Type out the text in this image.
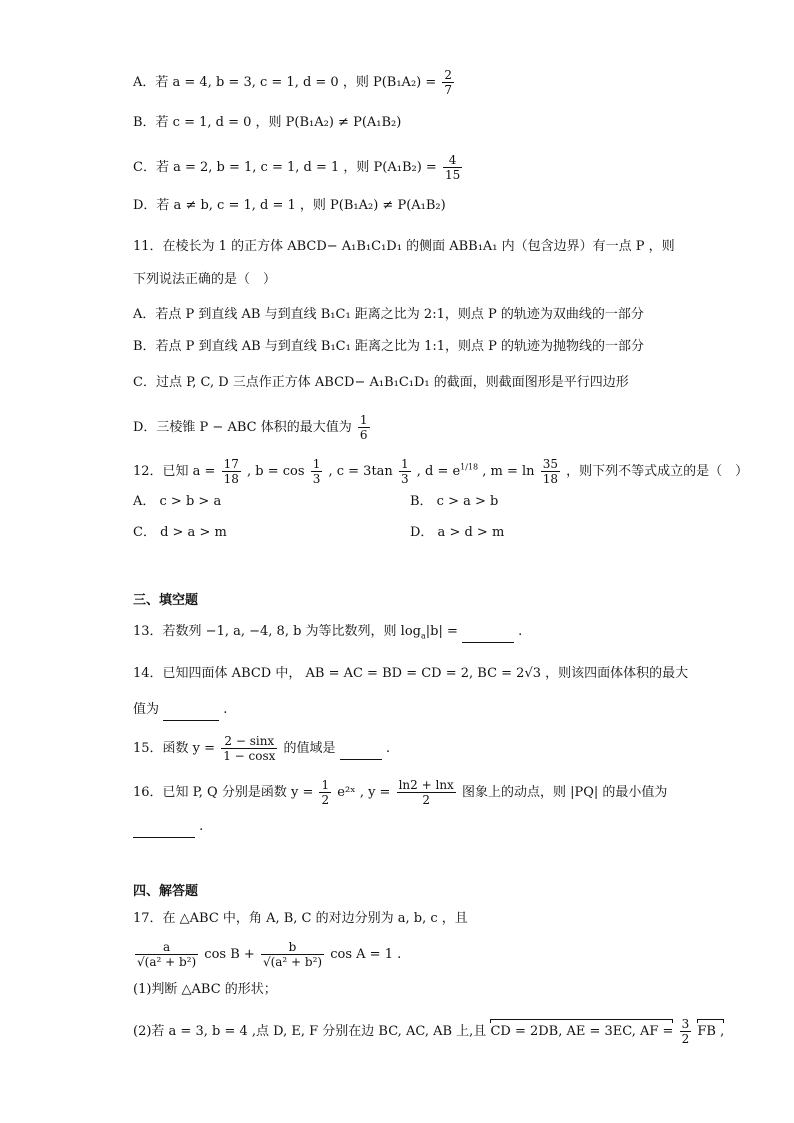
A．若 a = 4, b = 3, c = 1, d = 0 ，则 $P(B_1A_2) = \frac{2}{7}$
B．若 c = 1, d = 0 ，则 P(B₁A₂) ≠ P(A₁B₂)
C．若 a = 2, b = 1, c = 1, d = 1 ，则 $P(A_1B_2) = \frac{4}{15}$
D．若 a ≠ b, c = 1, d = 1 ，则 P(B₁A₂) ≠ P(A₁B₂)
11．在棱长为 1 的正方体 ABCD− A₁B₁C₁D₁ 的侧面 ABB₁A₁ 内（包含边界）有一点 P ，则
下列说法正确的是（　）
A．若点 P 到直线 AB 与到直线 B₁C₁ 距离之比为 2:1，则点 P 的轨迹为双曲线的一部分
B．若点 P 到直线 AB 与到直线 B₁C₁ 距离之比为 1:1，则点 P 的轨迹为抛物线的一部分
C．过点 P, C, D 三点作正方体 ABCD− A₁B₁C₁D₁ 的截面，则截面图形是平行四边形
D．三棱锥 P − ABC 体积的最大值为 $\frac{1}{6}$
12．已知 $a = \frac{17}{18}$ , $b = \cos \frac{1}{3}$ , $c = 3\tan \frac{1}{3}$ , $d = e^{1/18}$ , $m = \ln \frac{35}{18}$ ，则下列不等式成立的是（　）
A． c > b > a	B． c > a > b
C． d > a > m	D． a > d > m
三、填空题
13．若数列 −1, a, −4, 8, b 为等比数列，则 $\log_a|b|$ =	.
14．已知四面体 ABCD 中， AB = AC = BD = CD = 2, BC = 2√3 ，则该四面体体积的最大
值为	.
15．函数 $y = \frac{2 - \sin x}{1 - \cos x}$ 的值域是	.
16．已知 P, Q 分别是函数 $y = \frac{1}{2}$ e²ˣ , $y = \frac{\ln 2 + \ln x}{2}$ 图象上的动点，则 |PQ| 的最小值为
.
四、解答题
17．在 △ABC 中，角 A, B, C 的对边分别为 a, b, c ，且
$\frac{a}{\text{√(a² + b²)}}$ $\cos B + \frac{b}{\text{√(a² + b²)}}$ cos A = 1 .
(1)判断 △ABC 的形状；
(2)若 a = 3, b = 4 ,点 D, E, F 分别在边 BC, AC, AB 上,且 CD = 2DB, AE = 3EC, AF = $\frac{3}{2}$ FB ,
